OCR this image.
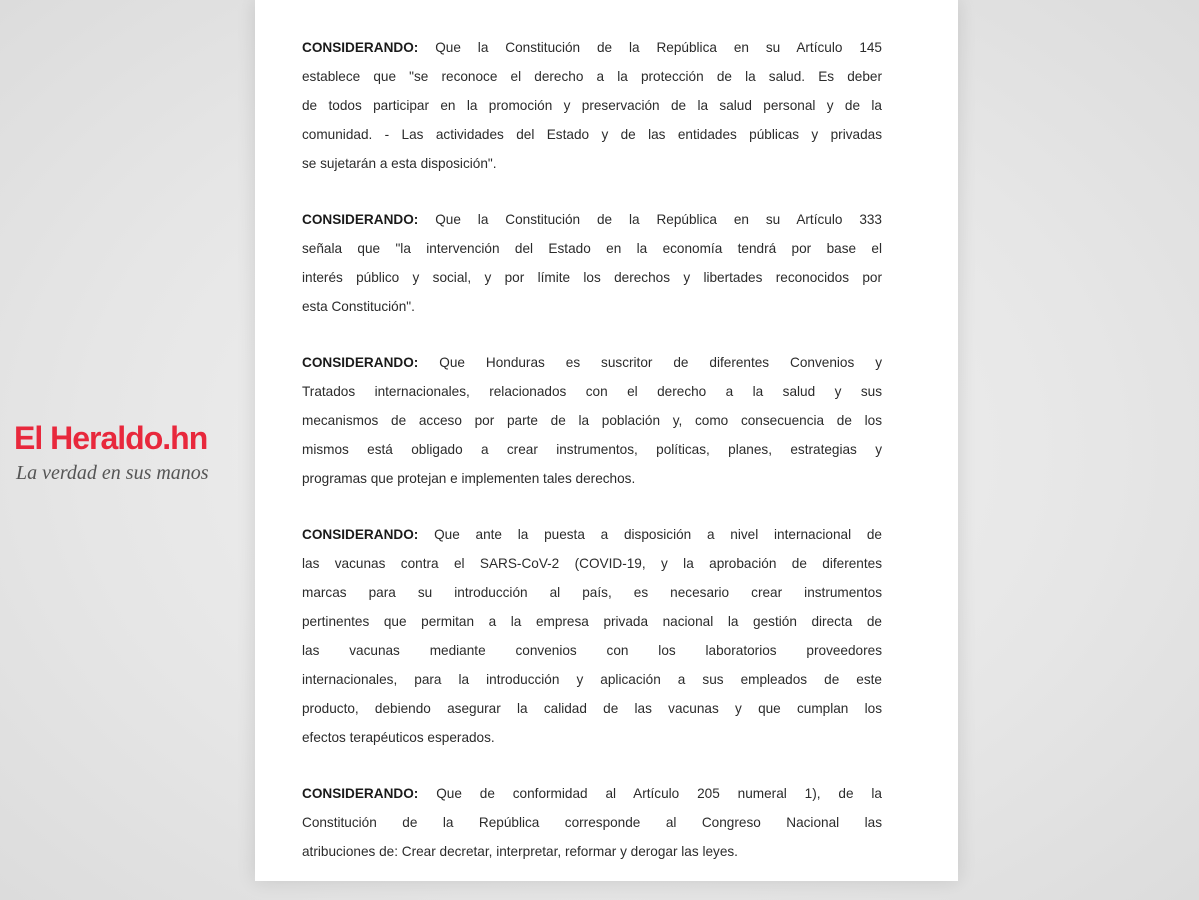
CONSIDERANDO: Que la Constitución de la República en su Artículo 145
establece que "se reconoce el derecho a la protección de la salud. Es deber
de todos participar en la promoción y preservación de la salud personal y de la
comunidad. - Las actividades del Estado y de las entidades públicas y privadas
se sujetarán a esta disposición".
CONSIDERANDO: Que la Constitución de la República en su Artículo 333
señala que "la intervención del Estado en la economía tendrá por base el
interés público y social, y por límite los derechos y libertades reconocidos por
esta Constitución".
CONSIDERANDO: Que Honduras es suscritor de diferentes Convenios y
Tratados internacionales, relacionados con el derecho a la salud y sus
mecanismos de acceso por parte de la población y, como consecuencia de los
mismos está obligado a crear instrumentos, políticas, planes, estrategias y
programas que protejan e implementen tales derechos.
CONSIDERANDO: Que ante la puesta a disposición a nivel internacional de
las vacunas contra el SARS-CoV-2 (COVID-19, y la aprobación de diferentes
marcas para su introducción al país, es necesario crear instrumentos
pertinentes que permitan a la empresa privada nacional la gestión directa de
las vacunas mediante convenios con los laboratorios proveedores
internacionales, para la introducción y aplicación a sus empleados de este
producto, debiendo asegurar la calidad de las vacunas y que cumplan los
efectos terapéuticos esperados.
CONSIDERANDO: Que de conformidad al Artículo 205 numeral 1), de la
Constitución de la República corresponde al Congreso Nacional las
atribuciones de: Crear decretar, interpretar, reformar y derogar las leyes.
El Heraldo.hn
La verdad en sus manos
